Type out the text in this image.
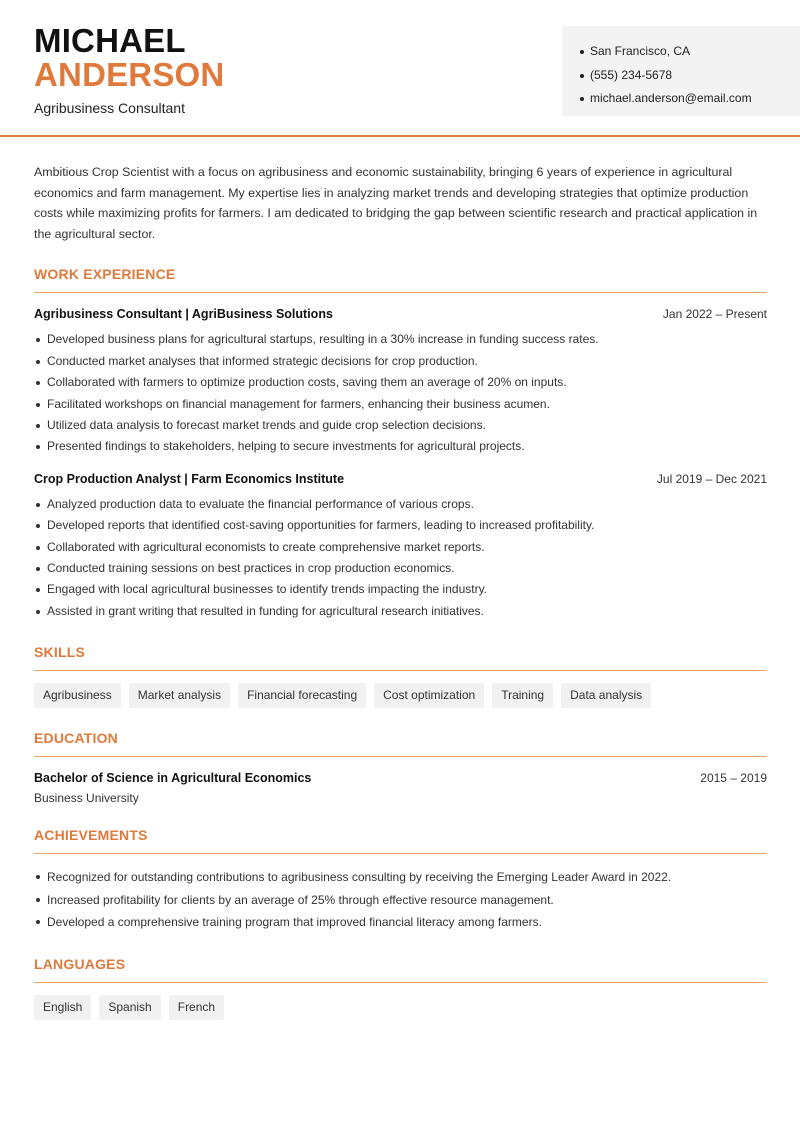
MICHAEL
ANDERSON
Agribusiness Consultant
San Francisco, CA
(555) 234-5678
michael.anderson@email.com

Ambitious Crop Scientist with a focus on agribusiness and economic sustainability, bringing 6 years of experience in agricultural economics and farm management. My expertise lies in analyzing market trends and developing strategies that optimize production costs while maximizing profits for farmers. I am dedicated to bridging the gap between scientific research and practical application in the agricultural sector.

WORK EXPERIENCE
Agribusiness Consultant | AgriBusiness Solutions	Jan 2022 – Present
Developed business plans for agricultural startups, resulting in a 30% increase in funding success rates.
Conducted market analyses that informed strategic decisions for crop production.
Collaborated with farmers to optimize production costs, saving them an average of 20% on inputs.
Facilitated workshops on financial management for farmers, enhancing their business acumen.
Utilized data analysis to forecast market trends and guide crop selection decisions.
Presented findings to stakeholders, helping to secure investments for agricultural projects.
Crop Production Analyst | Farm Economics Institute	Jul 2019 – Dec 2021
Analyzed production data to evaluate the financial performance of various crops.
Developed reports that identified cost-saving opportunities for farmers, leading to increased profitability.
Collaborated with agricultural economists to create comprehensive market reports.
Conducted training sessions on best practices in crop production economics.
Engaged with local agricultural businesses to identify trends impacting the industry.
Assisted in grant writing that resulted in funding for agricultural research initiatives.
SKILLS
Agribusiness	Market analysis	Financial forecasting	Cost optimization	Training	Data analysis
EDUCATION
Bachelor of Science in Agricultural Economics	2015 – 2019
Business University
ACHIEVEMENTS
Recognized for outstanding contributions to agribusiness consulting by receiving the Emerging Leader Award in 2022.
Increased profitability for clients by an average of 25% through effective resource management.
Developed a comprehensive training program that improved financial literacy among farmers.
LANGUAGES
English	Spanish	French
